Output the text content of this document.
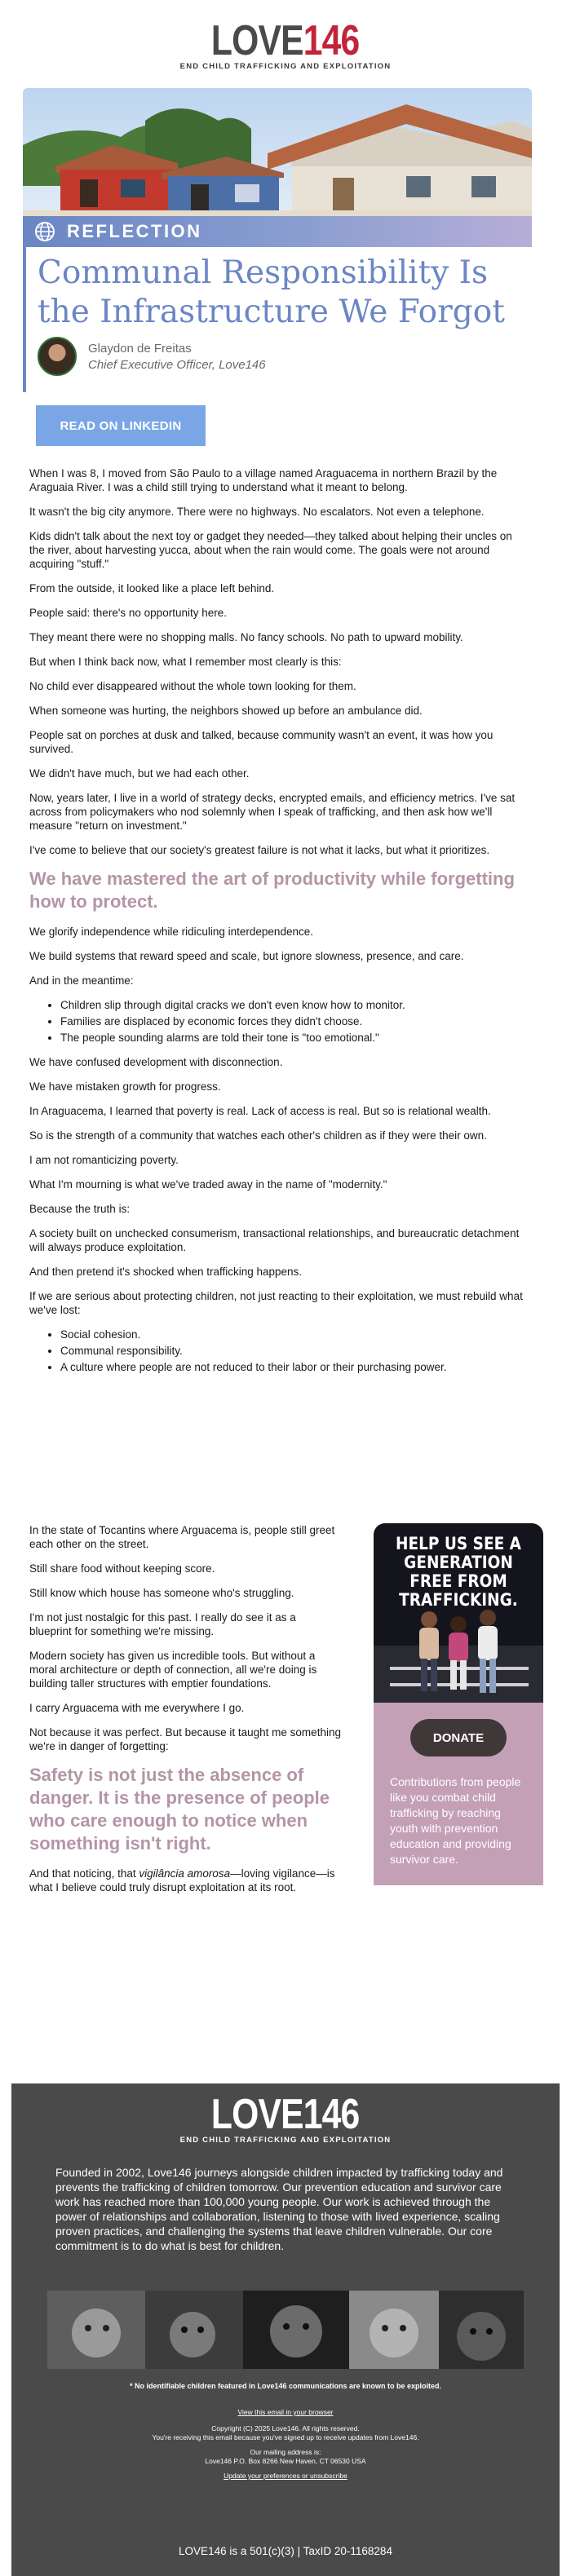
LOVE146
END CHILD TRAFFICKING AND EXPLOITATION
REFLECTION
Communal Responsibility Is the Infrastructure We Forgot
Glaydon de Freitas
Chief Executive Officer, Love146
READ ON LINKEDIN

When I was 8, I moved from São Paulo to a village named Araguacema in northern Brazil by the Araguaia River. I was a child still trying to understand what it meant to belong.

It wasn't the big city anymore. There were no highways. No escalators. Not even a telephone.

Kids didn't talk about the next toy or gadget they needed—they talked about helping their uncles on the river, about harvesting yucca, about when the rain would come. The goals were not around acquiring "stuff."

From the outside, it looked like a place left behind.

People said: there's no opportunity here.

They meant there were no shopping malls. No fancy schools. No path to upward mobility.

But when I think back now, what I remember most clearly is this:

No child ever disappeared without the whole town looking for them.

When someone was hurting, the neighbors showed up before an ambulance did.

People sat on porches at dusk and talked, because community wasn't an event, it was how you survived.

We didn't have much, but we had each other.

Now, years later, I live in a world of strategy decks, encrypted emails, and efficiency metrics. I've sat across from policymakers who nod solemnly when I speak of trafficking, and then ask how we'll measure "return on investment."

I've come to believe that our society's greatest failure is not what it lacks, but what it prioritizes.

We have mastered the art of productivity while forgetting how to protect.

We glorify independence while ridiculing interdependence.

We build systems that reward speed and scale, but ignore slowness, presence, and care.

And in the meantime:

• Children slip through digital cracks we don't even know how to monitor.
• Families are displaced by economic forces they didn't choose.
• The people sounding alarms are told their tone is "too emotional."

We have confused development with disconnection.

We have mistaken growth for progress.

In Araguacema, I learned that poverty is real. Lack of access is real. But so is relational wealth.

So is the strength of a community that watches each other's children as if they were their own.

I am not romanticizing poverty.

What I'm mourning is what we've traded away in the name of "modernity."

Because the truth is:

A society built on unchecked consumerism, transactional relationships, and bureaucratic detachment will always produce exploitation.

And then pretend it's shocked when trafficking happens.

If we are serious about protecting children, not just reacting to their exploitation, we must rebuild what we've lost:

• Social cohesion.
• Communal responsibility.
• A culture where people are not reduced to their labor or their purchasing power.

In the state of Tocantins where Arguacema is, people still greet each other on the street.

Still share food without keeping score.

Still know which house has someone who's struggling.

I'm not just nostalgic for this past. I really do see it as a blueprint for something we're missing.

Modern society has given us incredible tools. But without a moral architecture or depth of connection, all we're doing is building taller structures with emptier foundations.

I carry Arguacema with me everywhere I go.

Not because it was perfect. But because it taught me something we're in danger of forgetting:

Safety is not just the absence of danger. It is the presence of people who care enough to notice when something isn't right.

And that noticing, that vigilância amorosa—loving vigilance—is what I believe could truly disrupt exploitation at its root.

HELP US SEE A GENERATION FREE FROM TRAFFICKING.
DONATE
Contributions from people like you combat child trafficking by reaching youth with prevention education and providing survivor care.
LOVE146
END CHILD TRAFFICKING AND EXPLOITATION
Founded in 2002, Love146 journeys alongside children impacted by trafficking today and prevents the trafficking of children tomorrow. Our prevention education and survivor care work has reached more than 100,000 young people. Our work is achieved through the power of relationships and collaboration, listening to those with lived experience, scaling proven practices, and challenging the systems that leave children vulnerable. Our core commitment is to do what is best for children.
* No identifiable children featured in Love146 communications are known to be exploited.
View this email in your browser
Copyright (C) 2025 Love146. All rights reserved.
You're receiving this email because you've signed up to receive updates from Love146.
Our mailing address is:
Love146 P.O. Box 8266 New Haven, CT 06530 USA
Update your preferences or unsubscribe
LOVE146 is a 501(c)(3) | TaxID 20-1168284
